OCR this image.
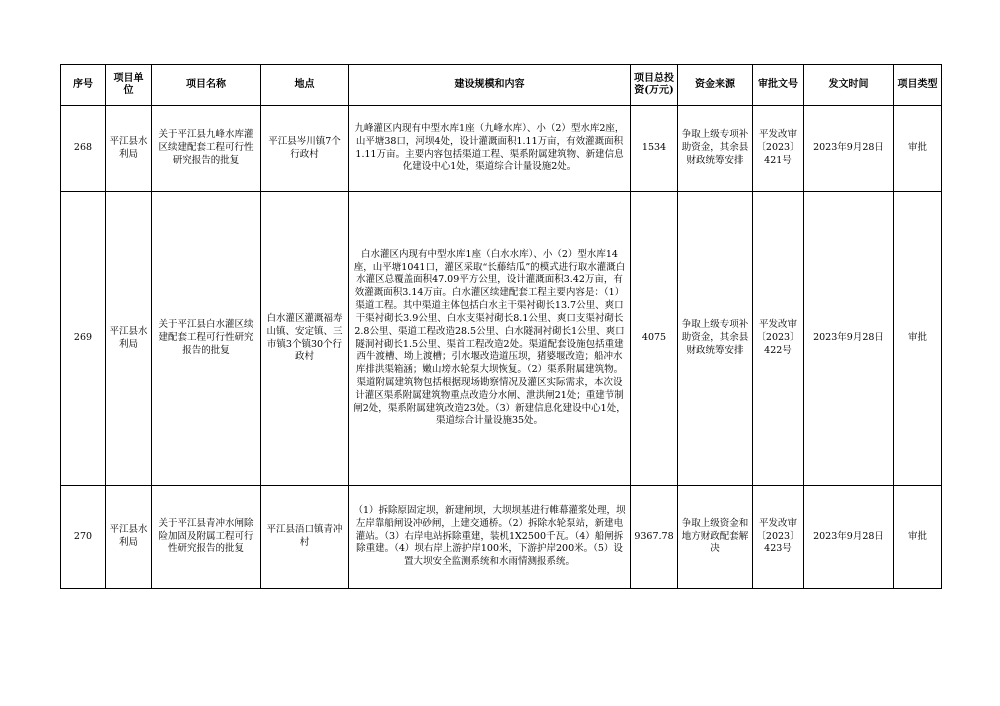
序号	项目单位	项目名称	地点	建设规模和内容	项目总投资(万元)	资金来源	审批文号	发文时间	项目类型
268	平江县水利局	关于平江县九峰水库灌区续建配套工程可行性研究报告的批复	平江县岑川镇7个行政村	九峰灌区内现有中型水库1座（九峰水库）、小（2）型水库2座，山平塘38口，河坝4处，设计灌溉面积1.11万亩，有效灌溉面积1.11万亩。主要内容包括渠道工程、渠系附属建筑物、新建信息化建设中心1处，渠道综合计量设施2处。	1534	争取上级专项补助资金，其余县财政统筹安排	平发改审〔2023〕421号	2023年9月28日	审批
269	平江县水利局	关于平江县白水灌区续建配套工程可行性研究报告的批复	白水灌区灌溉福寿山镇、安定镇、三市镇3个镇30个行政村	白水灌区内现有中型水库1座（白水水库）、小（2）型水库14座，山平塘1041口，灌区采取“长藤结瓜”的模式进行取水灌溉白水灌区总覆盖面积47.09平方公里，设计灌溉面积3.42万亩，有效灌溉面积3.14万亩。白水灌区续建配套工程主要内容是：（1）渠道工程。其中渠道主体包括白水主干渠衬砌长13.7公里、爽口干渠衬砌长3.9公里、白水支渠衬砌长8.1公里、爽口支渠衬砌长2.8公里、渠道工程改造28.5公里、白水隧洞衬砌长1公里、爽口隧洞衬砌长1.5公里、渠首工程改造2处。渠道配套设施包括重建西牛渡槽、坳上渡槽；引水堰改造道压坝，猪婆堰改造；船冲水库排洪渠箱涵；嫩山塝水轮泵大坝恢复。（2）渠系附属建筑物。渠道附属建筑物包括根据现场勘察情况及灌区实际需求，本次设计灌区渠系附属建筑物重点改造分水闸、泄洪闸21处；重建节制闸2处，渠系附属建筑改造23处。（3）新建信息化建设中心1处，渠道综合计量设施35处。	4075	争取上级专项补助资金，其余县财政统筹安排	平发改审〔2023〕422号	2023年9月28日	审批
270	平江县水利局	关于平江县青冲水闸除险加固及附属工程可行性研究报告的批复	平江县浯口镇青冲村	（1）拆除原固定坝，新建闸坝，大坝坝基进行帷幕灌浆处理，坝左岸靠船闸设冲砂闸，上建交通桥。（2）拆除水轮泵站，新建电灌站。（3）右岸电站拆除重建，装机1X2500千瓦。（4）船闸拆除重建。（4）坝右岸上游护岸100米，下游护岸200米。（5）设置大坝安全监测系统和水雨情测报系统。	9367.78	争取上级资金和地方财政配套解决	平发改审〔2023〕423号	2023年9月28日	审批
